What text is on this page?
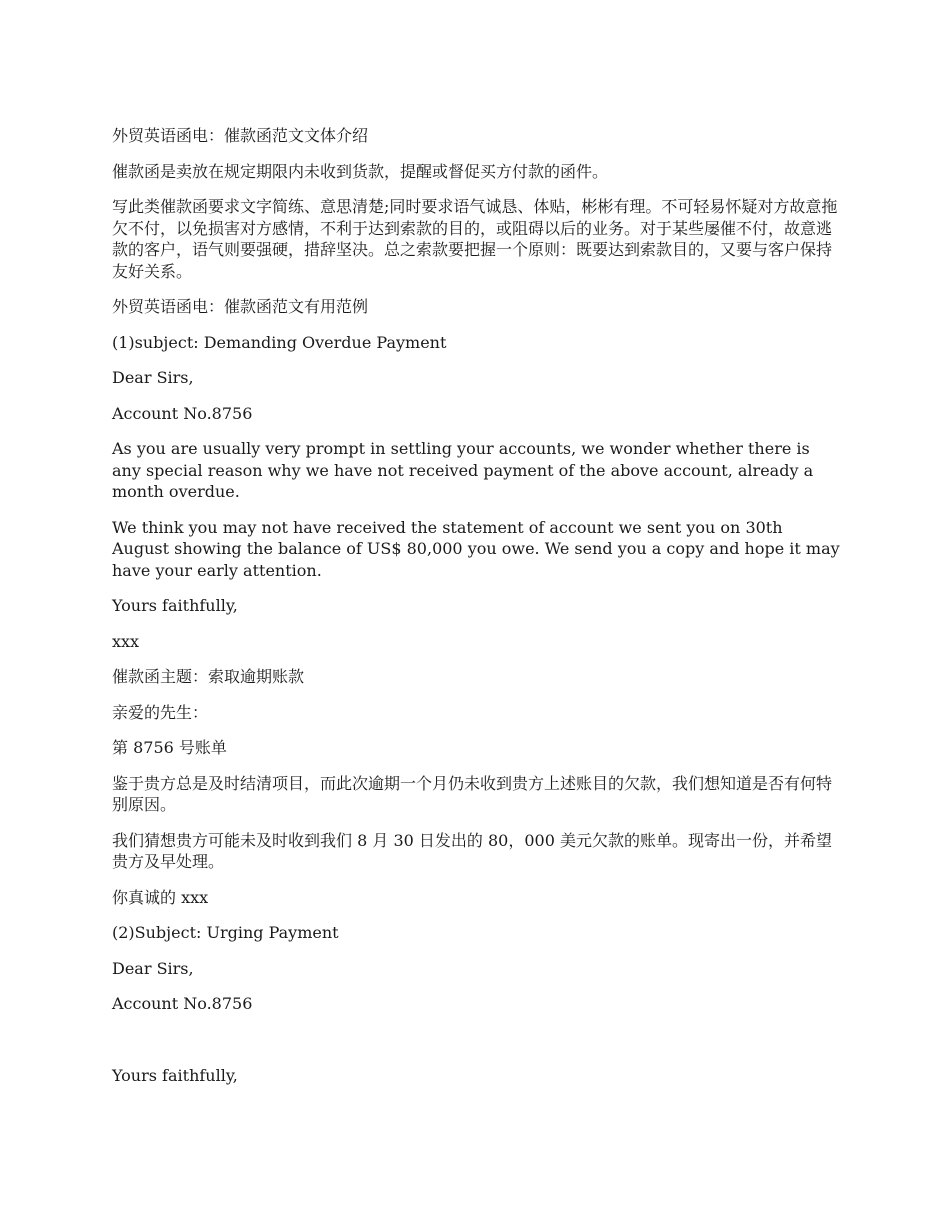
外贸英语函电：催款函范文文体介绍

催款函是卖放在规定期限内未收到货款，提醒或督促买方付款的函件。

写此类催款函要求文字简练、意思清楚;同时要求语气诚恳、体贴，彬彬有理。不可轻易怀疑对方故意拖欠不付，以免损害对方感情，不利于达到索款的目的，或阻碍以后的业务。对于某些屡催不付，故意逃款的客户，语气则要强硬，措辞坚决。总之索款要把握一个原则：既要达到索款目的，又要与客户保持友好关系。

外贸英语函电：催款函范文有用范例

(1)subject: Demanding Overdue Payment

Dear Sirs,

Account No.8756

As you are usually very prompt in settling your accounts, we wonder whether there is any special reason why we have not received payment of the above account, already a month overdue.

We think you may not have received the statement of account we sent you on 30th August showing the balance of US$ 80,000 you owe. We send you a copy and hope it may have your early attention.

Yours faithfully,

xxx

催款函主题：索取逾期账款

亲爱的先生：

第 8756 号账单

鉴于贵方总是及时结清项目，而此次逾期一个月仍未收到贵方上述账目的欠款，我们想知道是否有何特别原因。

我们猜想贵方可能未及时收到我们 8 月 30 日发出的 80，000 美元欠款的账单。现寄出一份，并希望贵方及早处理。

你真诚的 xxx

(2)Subject: Urging Payment

Dear Sirs,

Account No.8756

Yours faithfully,
